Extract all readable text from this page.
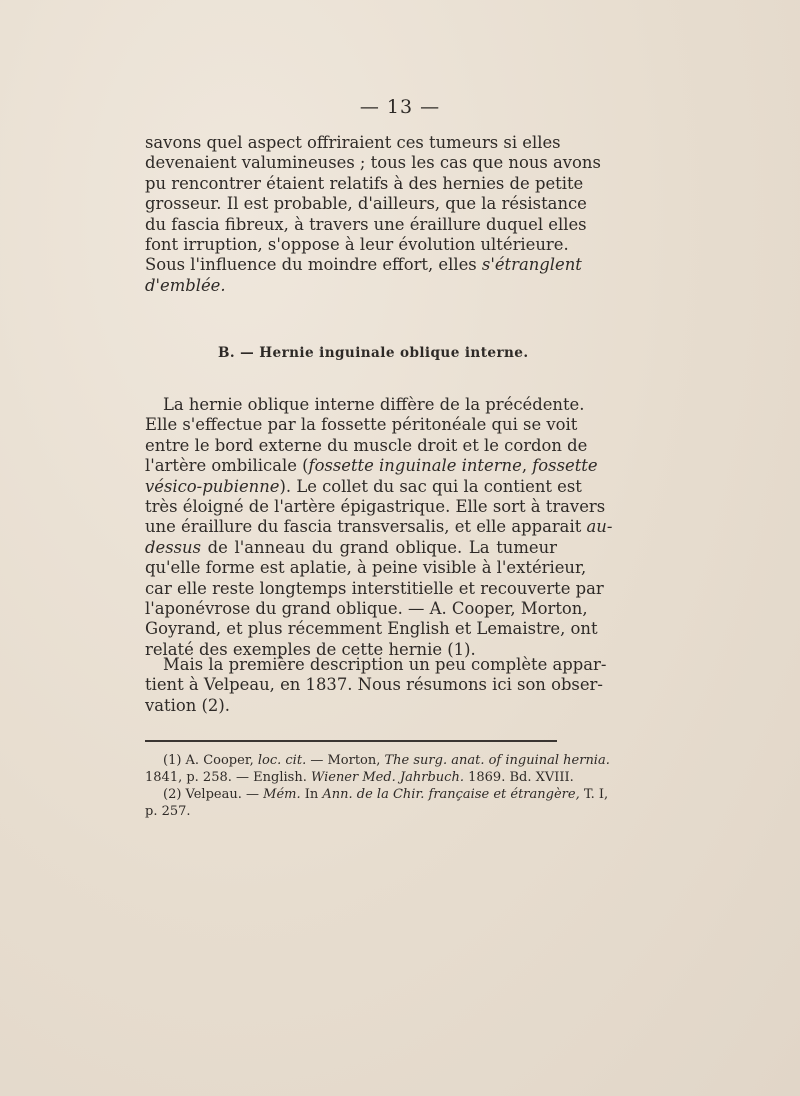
— 13 —
savons quel aspect offriraient ces tumeurs si elles
devenaient valumineuses ; tous les cas que nous avons
pu rencontrer étaient relatifs à des hernies de petite
grosseur. Il est probable, d'ailleurs, que la résistance
du fascia fibreux, à travers une éraillure duquel elles
font irruption, s'oppose à leur évolution ultérieure.
Sous l'influence du moindre effort, elles s'étranglent
d'emblée.
B. — Hernie inguinale oblique interne.
La hernie oblique interne diffère de la précédente.
Elle s'effectue par la fossette péritonéale qui se voit
entre le bord externe du muscle droit et le cordon de
l'artère ombilicale (fossette inguinale interne, fossette
vésico-pubienne). Le collet du sac qui la contient est
très éloigné de l'artère épigastrique. Elle sort à travers
une éraillure du fascia transversalis, et elle apparait au-
dessus de l'anneau du grand oblique. La tumeur
qu'elle forme est aplatie, à peine visible à l'extérieur,
car elle reste longtemps interstitielle et recouverte par
l'aponévrose du grand oblique. — A. Cooper, Morton,
Goyrand, et plus récemment English et Lemaistre, ont
relaté des exemples de cette hernie (1).
Mais la première description un peu complète appar-
tient à Velpeau, en 1837. Nous résumons ici son obser-
vation (2).
(1) A. Cooper, loc. cit. — Morton, The surg. anat. of inguinal hernia.
1841, p. 258. — English. Wiener Med. Jahrbuch. 1869. Bd. XVIII.
(2) Velpeau. — Mém. In Ann. de la Chir. française et étrangère, T. I,
p. 257.
